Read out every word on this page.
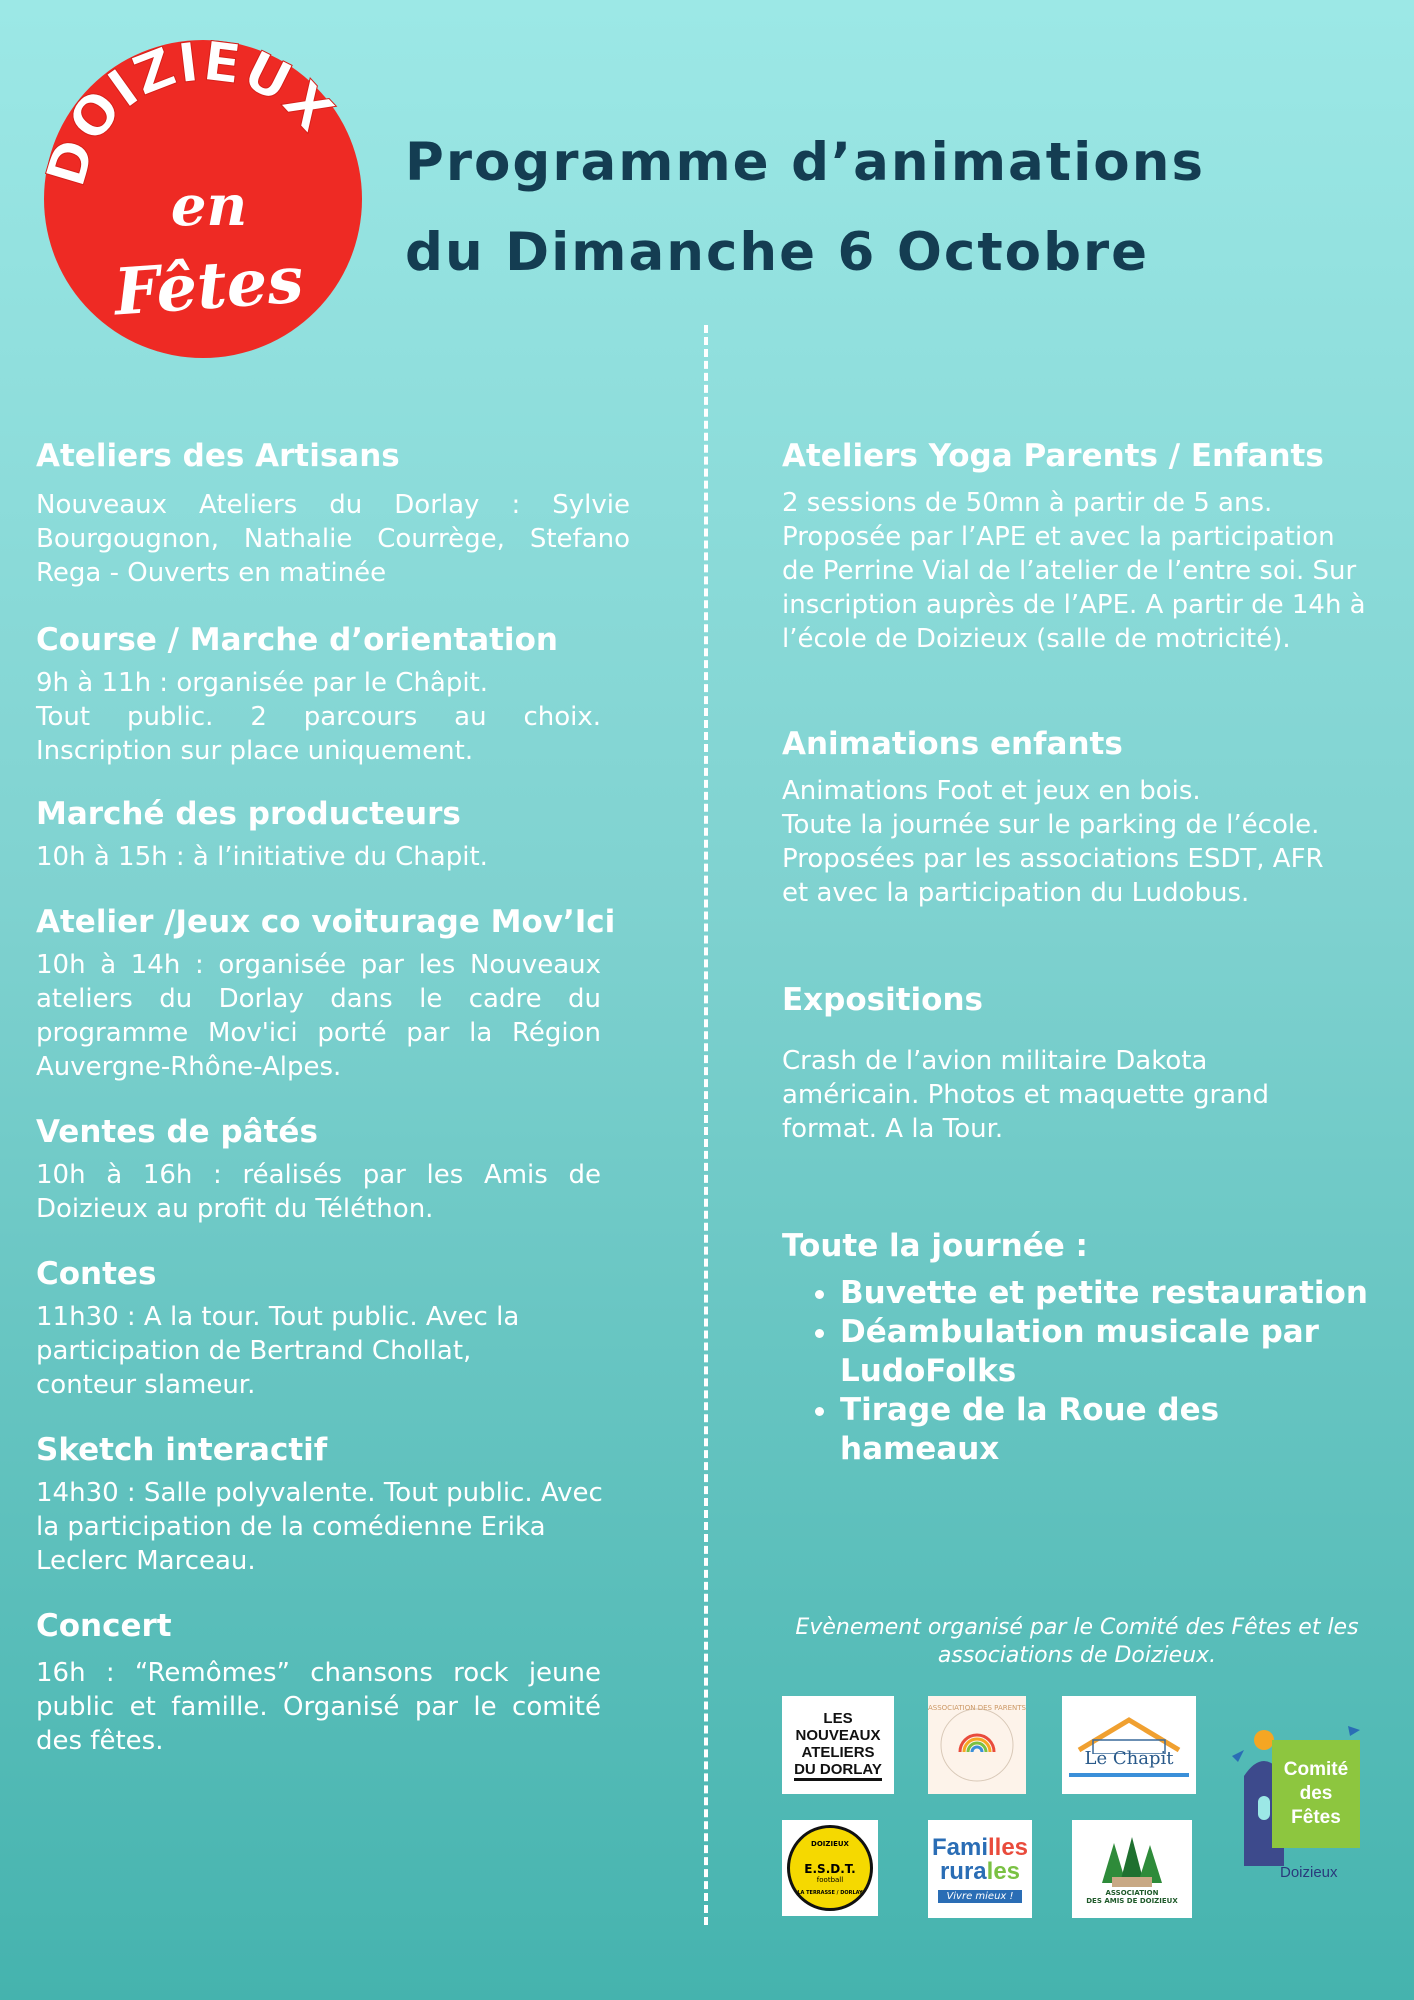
OIZIEUX
en
Fêtes
Programme d’animations
du Dimanche 6 Octobre
Ateliers des Artisans
Nouveaux Ateliers du Dorlay : Sylvie Bourgougnon, Nathalie Courrège, Stefano Rega - Ouverts en matinée
Course / Marche d’orientation
9h à 11h : organisée par le Châpit.
Tout public. 2 parcours au choix. Inscription sur place uniquement.
Marché des producteurs
10h à 15h : à l’initiative du Chapit.
Atelier /Jeux co voiturage Mov’Ici
10h à 14h : organisée par les Nouveaux ateliers du Dorlay dans le cadre du programme Mov'ici porté par la Région Auvergne-Rhône-Alpes.
Ventes de pâtés
10h à 16h : réalisés par les Amis de Doizieux au profit du Téléthon.
Contes
11h30 : A la tour. Tout public. Avec la participation de Bertrand Chollat, conteur slameur.
Sketch interactif
14h30 : Salle polyvalente. Tout public. Avec la participation de la comédienne Erika Leclerc Marceau.
Concert
16h : “Remômes” chansons rock jeune public et famille. Organisé par le comité des fêtes.
Ateliers Yoga Parents / Enfants
2 sessions de 50mn à partir de 5 ans. Proposée par l’APE et avec la participation de Perrine Vial de l’atelier de l’entre soi. Sur inscription auprès de l’APE. A partir de 14h à l’école de Doizieux (salle de motricité).
Animations enfants
Animations Foot et jeux en bois.
Toute la journée sur le parking de l’école. Proposées par les associations ESDT, AFR et avec la participation du Ludobus.
Expositions
Crash de l’avion militaire Dakota américain. Photos et maquette grand format. A la Tour.
Toute la journée :
• Buvette et petite restauration
• Déambulation musicale par LudoFolks
• Tirage de la Roue des hameaux
Evènement organisé par le Comité des Fêtes et les associations de Doizieux.
LES
NOUVEAUX
ATELIERS
DU DORLAY
ASSOCIATION DES PARENTS
Le Chapit
DOIZIEUX
E.S.D.T.
football
LA TERRASSE / DORLAY
Familles
rurales
Vivre mieux !	ASSOCIATION
DES AMIS DE DOIZIEUX
Comité
des
Fêtes
Doizieux
